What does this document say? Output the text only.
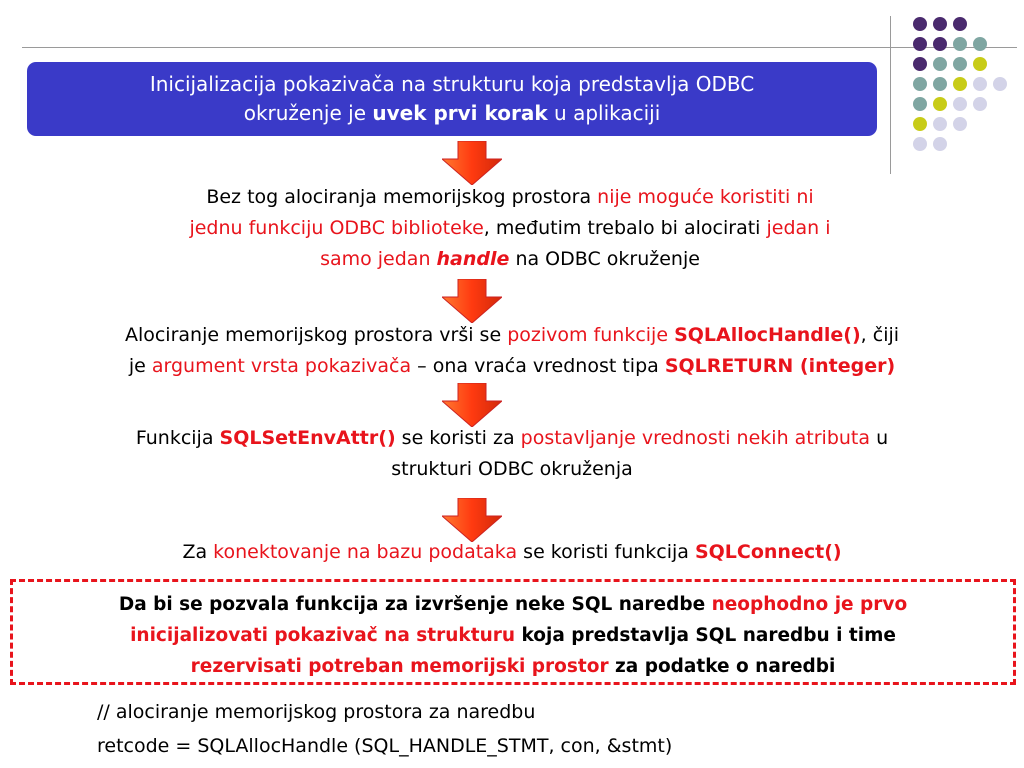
Inicijalizacija pokazivača na strukturu koja predstavlja ODBC
okruženje je uvek prvi korak u aplikaciji
Bez tog alociranja memorijskog prostora nije moguće koristiti ni
jednu funkciju ODBC biblioteke, međutim trebalo bi alocirati jedan i
samo jedan handle na ODBC okruženje
Alociranje memorijskog prostora vrši se pozivom funkcije SQLAllocHandle(), čiji
je argument vrsta pokazivača – ona vraća vrednost tipa SQLRETURN (integer)
Funkcija SQLSetEnvAttr() se koristi za postavljanje vrednosti nekih atributa u
strukturi ODBC okruženja
Za konektovanje na bazu podataka se koristi funkcija SQLConnect()
Da bi se pozvala funkcija za izvršenje neke SQL naredbe neophodno je prvo
inicijalizovati pokazivač na strukturu koja predstavlja SQL naredbu i time
rezervisati potreban memorijski prostor za podatke o naredbi
// alociranje memorijskog prostora za naredbu
retcode = SQLAllocHandle (SQL_HANDLE_STMT, con, &stmt)
